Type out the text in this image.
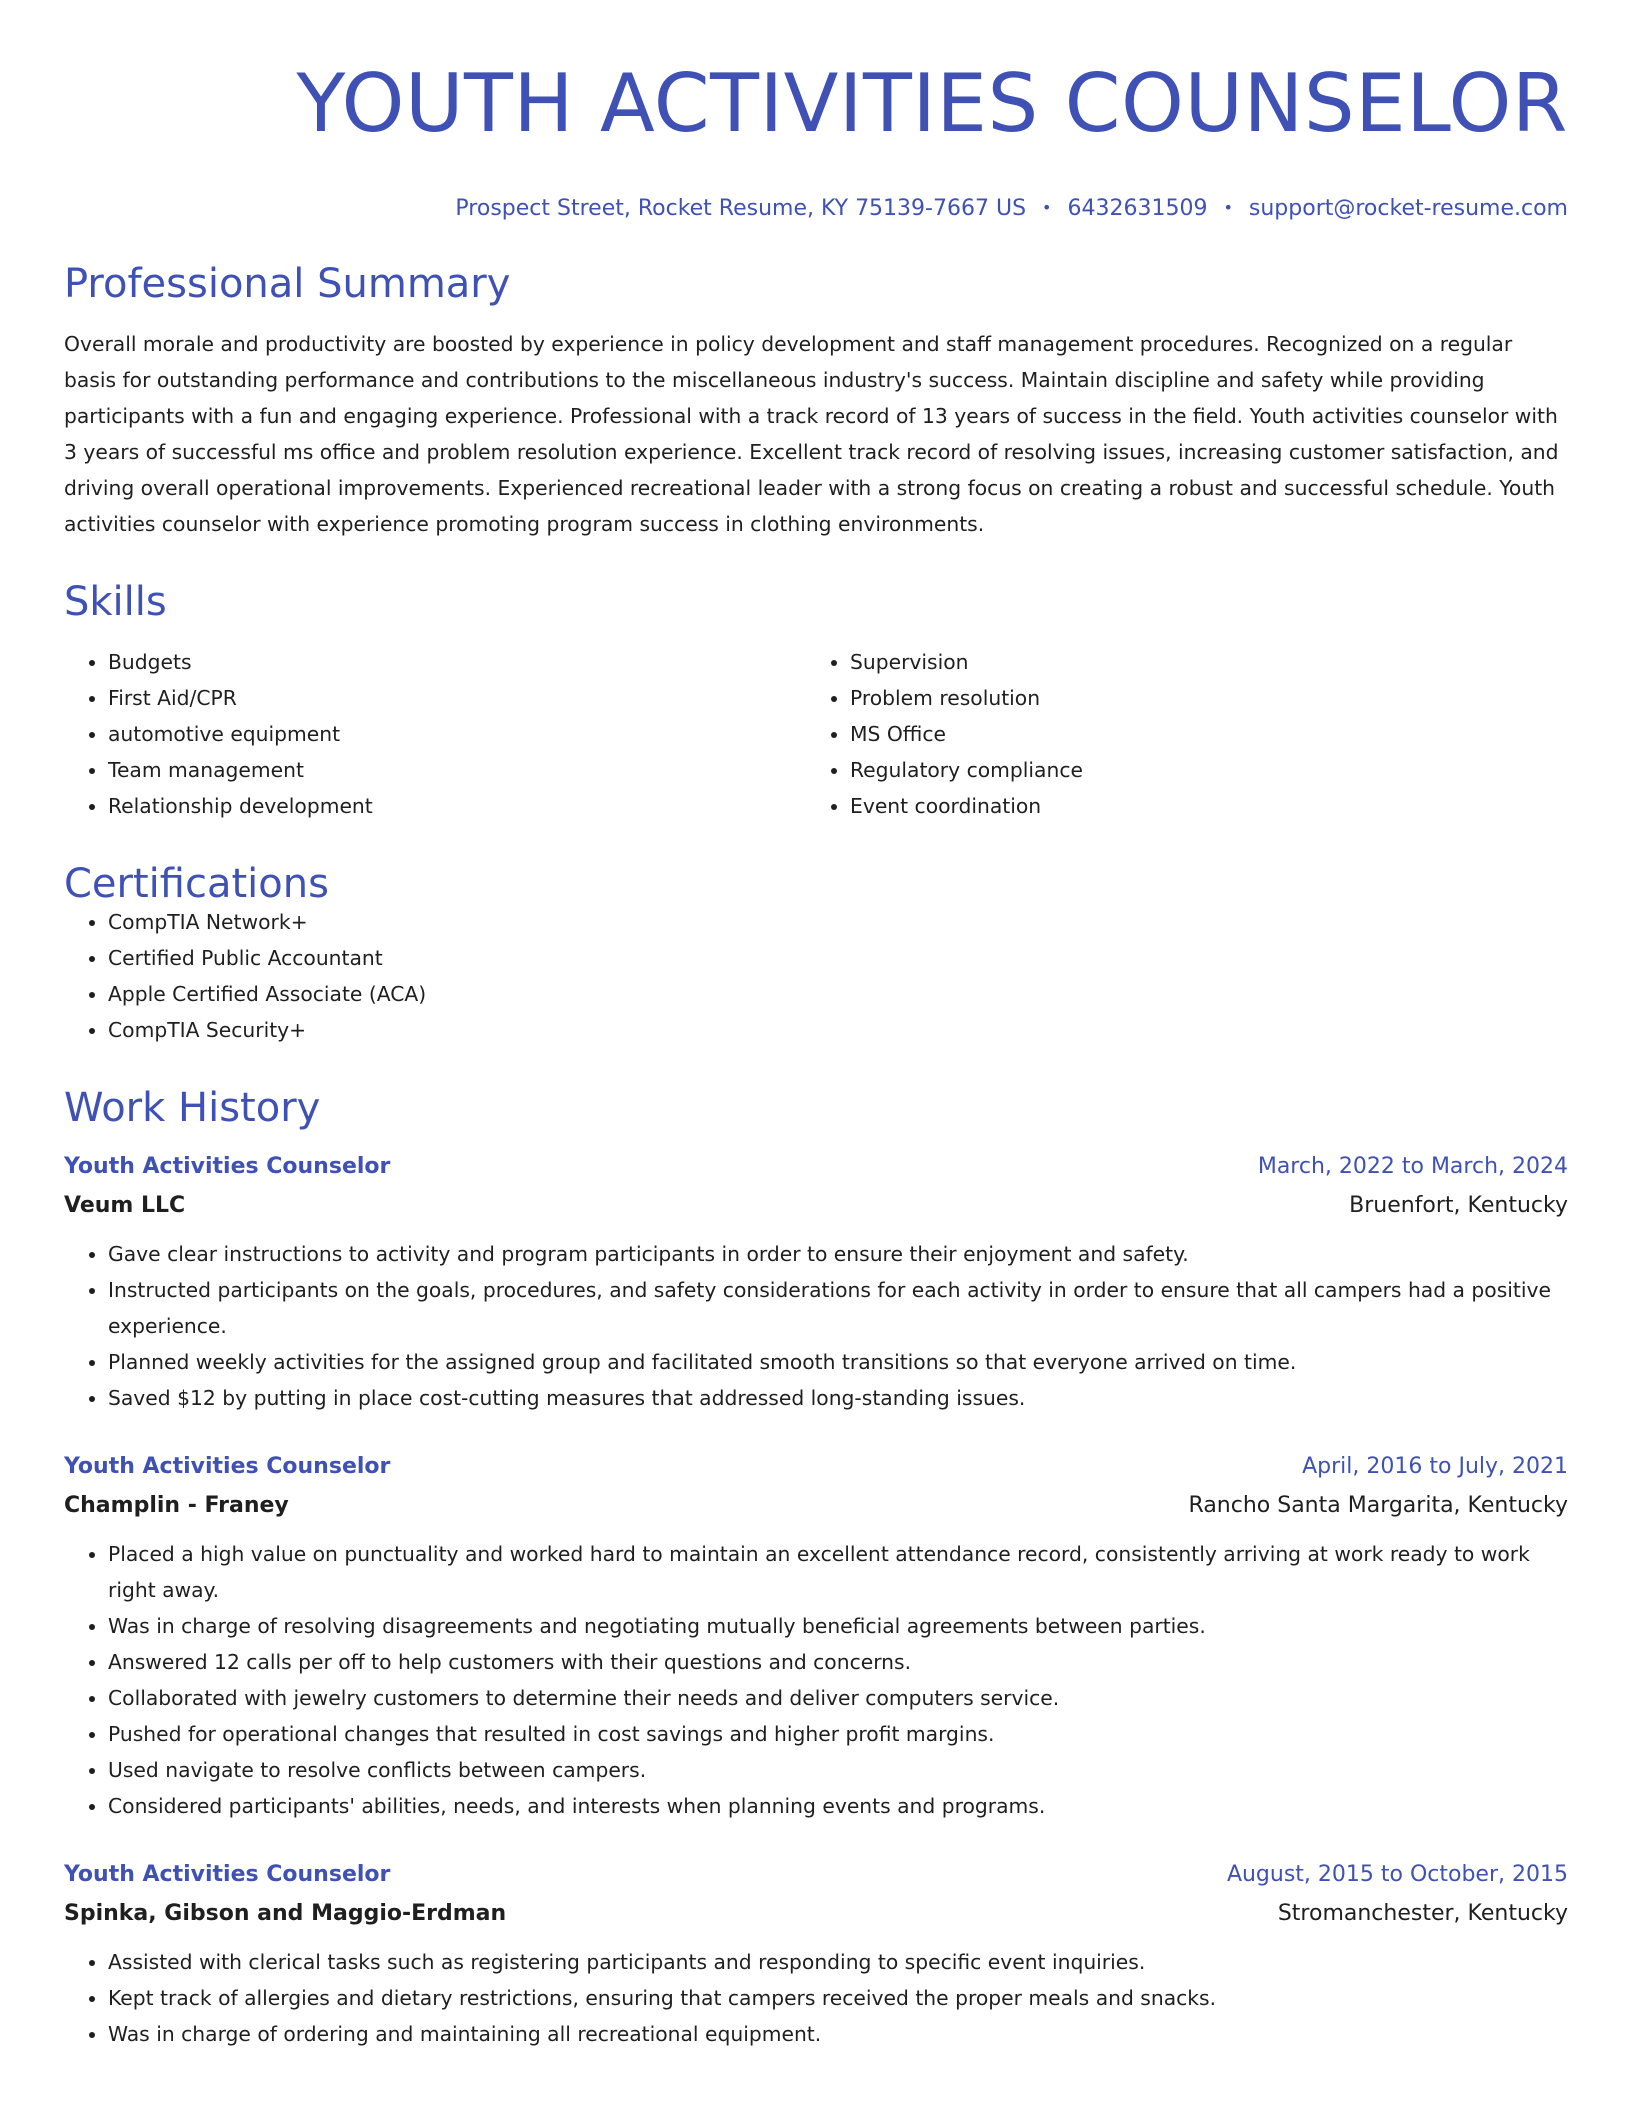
YOUTH ACTIVITIES COUNSELOR
Prospect Street, Rocket Resume, KY 75139-7667 US • 6432631509 • support@rocket-resume.com
Professional Summary

Overall morale and productivity are boosted by experience in policy development and staff management procedures. Recognized on a regular basis for outstanding performance and contributions to the miscellaneous industry's success. Maintain discipline and safety while providing participants with a fun and engaging experience. Professional with a track record of 13 years of success in the field. Youth activities counselor with 3 years of successful ms office and problem resolution experience. Excellent track record of resolving issues, increasing customer satisfaction, and driving overall operational improvements. Experienced recreational leader with a strong focus on creating a robust and successful schedule. Youth activities counselor with experience promoting program success in clothing environments.

Skills
• Budgets
• First Aid/CPR
• automotive equipment
• Team management
• Relationship development
• Supervision
• Problem resolution
• MS Office
• Regulatory compliance
• Event coordination
Certifications
• CompTIA Network+
• Certified Public Accountant
• Apple Certified Associate (ACA)
• CompTIA Security+
Work History
Youth Activities Counselor	March, 2022 to March, 2024
Veum LLC	Bruenfort, Kentucky
• Gave clear instructions to activity and program participants in order to ensure their enjoyment and safety.
• Instructed participants on the goals, procedures, and safety considerations for each activity in order to ensure that all campers had a positive experience.
• Planned weekly activities for the assigned group and facilitated smooth transitions so that everyone arrived on time.
• Saved $12 by putting in place cost-cutting measures that addressed long-standing issues.
Youth Activities Counselor	April, 2016 to July, 2021
Champlin - Franey	Rancho Santa Margarita, Kentucky
• Placed a high value on punctuality and worked hard to maintain an excellent attendance record, consistently arriving at work ready to work right away.
• Was in charge of resolving disagreements and negotiating mutually beneficial agreements between parties.
• Answered 12 calls per off to help customers with their questions and concerns.
• Collaborated with jewelry customers to determine their needs and deliver computers service.
• Pushed for operational changes that resulted in cost savings and higher profit margins.
• Used navigate to resolve conflicts between campers.
• Considered participants' abilities, needs, and interests when planning events and programs.
Youth Activities Counselor	August, 2015 to October, 2015
Spinka, Gibson and Maggio-Erdman	Stromanchester, Kentucky
• Assisted with clerical tasks such as registering participants and responding to specific event inquiries.
• Kept track of allergies and dietary restrictions, ensuring that campers received the proper meals and snacks.
• Was in charge of ordering and maintaining all recreational equipment.
